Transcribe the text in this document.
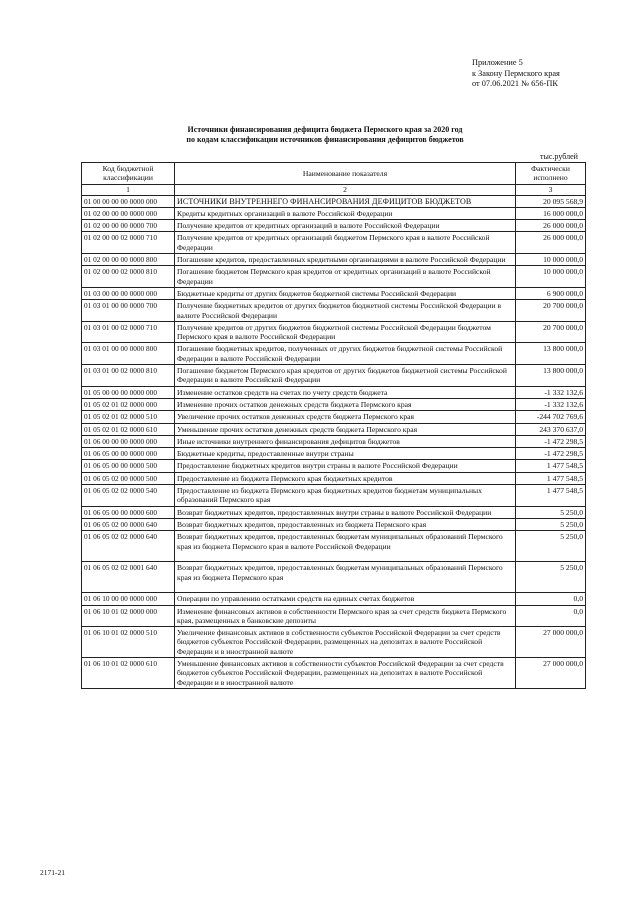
Приложение 5
к Закону Пермского края
от 07.06.2021 № 656-ПК
Источники финансирования дефицита бюджета Пермского края за 2020 год
по кодам классификации источников финансирования дефицитов бюджетов
тыс.рублей
Код бюджетной классификации	Наименование показателя	Фактически исполнено
1	2	3
01 00 00 00 00 0000 000	ИСТОЧНИКИ ВНУТРЕННЕГО ФИНАНСИРОВАНИЯ ДЕФИЦИТОВ БЮДЖЕТОВ	20 095 568,9
01 02 00 00 00 0000 000	Кредиты кредитных организаций в валюте Российской Федерации	16 000 000,0
01 02 00 00 00 0000 700	Получение кредитов от кредитных организаций в валюте Российской Федерации	26 000 000,0
01 02 00 00 02 0000 710	Получение кредитов от кредитных организаций бюджетом Пермского края в валюте Российской Федерации	26 000 000,0
01 02 00 00 00 0000 800	Погашение кредитов, предоставленных кредитными организациями в валюте Российской Федерации	10 000 000,0
01 02 00 00 02 0000 810	Погашение бюджетом Пермского края кредитов от кредитных организаций в валюте Российской Федерации	10 000 000,0
01 03 00 00 00 0000 000	Бюджетные кредиты от других бюджетов бюджетной системы Российской Федерации	6 900 000,0
01 03 01 00 00 0000 700	Получение бюджетных кредитов от других бюджетов бюджетной системы Российской Федерации в валюте Российской Федерации	20 700 000,0
01 03 01 00 02 0000 710	Получение кредитов от других бюджетов бюджетной системы Российской Федерации бюджетом Пермского края в валюте Российской Федерации	20 700 000,0
01 03 01 00 00 0000 800	Погашение бюджетных кредитов, полученных от других бюджетов бюджетной системы Российской Федерации в валюте Российской Федерации	13 800 000,0
01 03 01 00 02 0000 810	Погашение бюджетом Пермского края кредитов от других бюджетов бюджетной системы Российской Федерации в валюте Российской Федерации	13 800 000,0
01 05 00 00 00 0000 000	Изменение остатков средств на счетах по учету средств бюджета	-1 332 132,6
01 05 02 01 02 0000 000	Изменение прочих остатков денежных средств бюджета Пермского края	-1 332 132,6
01 05 02 01 02 0000 510	Увеличение прочих остатков денежных средств бюджета Пермского края	-244 702 769,6
01 05 02 01 02 0000 610	Уменьшение прочих остатков денежных средств бюджета Пермского края	243 370 637,0
01 06 00 00 00 0000 000	Иные источники внутреннего финансирования дефицитов бюджетов	-1 472 298,5
01 06 05 00 00 0000 000	Бюджетные кредиты, предоставленные внутри страны	-1 472 298,5
01 06 05 00 00 0000 500	Предоставление бюджетных кредитов внутри страны в валюте Российской Федерации	1 477 548,5
01 06 05 02 00 0000 500	Предоставление из бюджета Пермского края бюджетных кредитов	1 477 548,5
01 06 05 02 02 0000 540	Предоставление из бюджета Пермского края бюджетных кредитов бюджетам муниципальных образований Пермского края	1 477 548,5
01 06 05 00 00 0000 600	Возврат бюджетных кредитов, предоставленных внутри страны в валюте Российской Федерации	5 250,0
01 06 05 02 00 0000 640	Возврат бюджетных кредитов, предоставленных из бюджета Пермского края	5 250,0
01 06 05 02 02 0000 640	Возврат бюджетных кредитов, предоставленных бюджетам муниципальных образований Пермского края из бюджета Пермского края в валюте Российской Федерации	5 250,0
01 06 05 02 02 0001 640	Возврат бюджетных кредитов, предоставленных бюджетам муниципальных образований Пермского края из бюджета Пермского края	5 250,0
01 06 10 00 00 0000 000	Операции по управлению остатками средств на единых счетах бюджетов	0,0
01 06 10 01 02 0000 000	Изменение финансовых активов в собственности Пермского края за счет средств бюджета Пермского края, размещенных в банковские депозиты	0,0
01 06 10 01 02 0000 510	Увеличение финансовых активов в собственности субъектов Российской Федерации за счет средств бюджетов субъектов Российской Федерации, размещенных на депозитах в валюте Российской Федерации и в иностранной валюте	27 000 000,0
01 06 10 01 02 0000 610	Уменьшение финансовых активов в собственности субъектов Российской Федерации за счет средств бюджетов субъектов Российской Федерации, размещенных на депозитах в валюте Российской Федерации и в иностранной валюте	27 000 000,0
2171-21
